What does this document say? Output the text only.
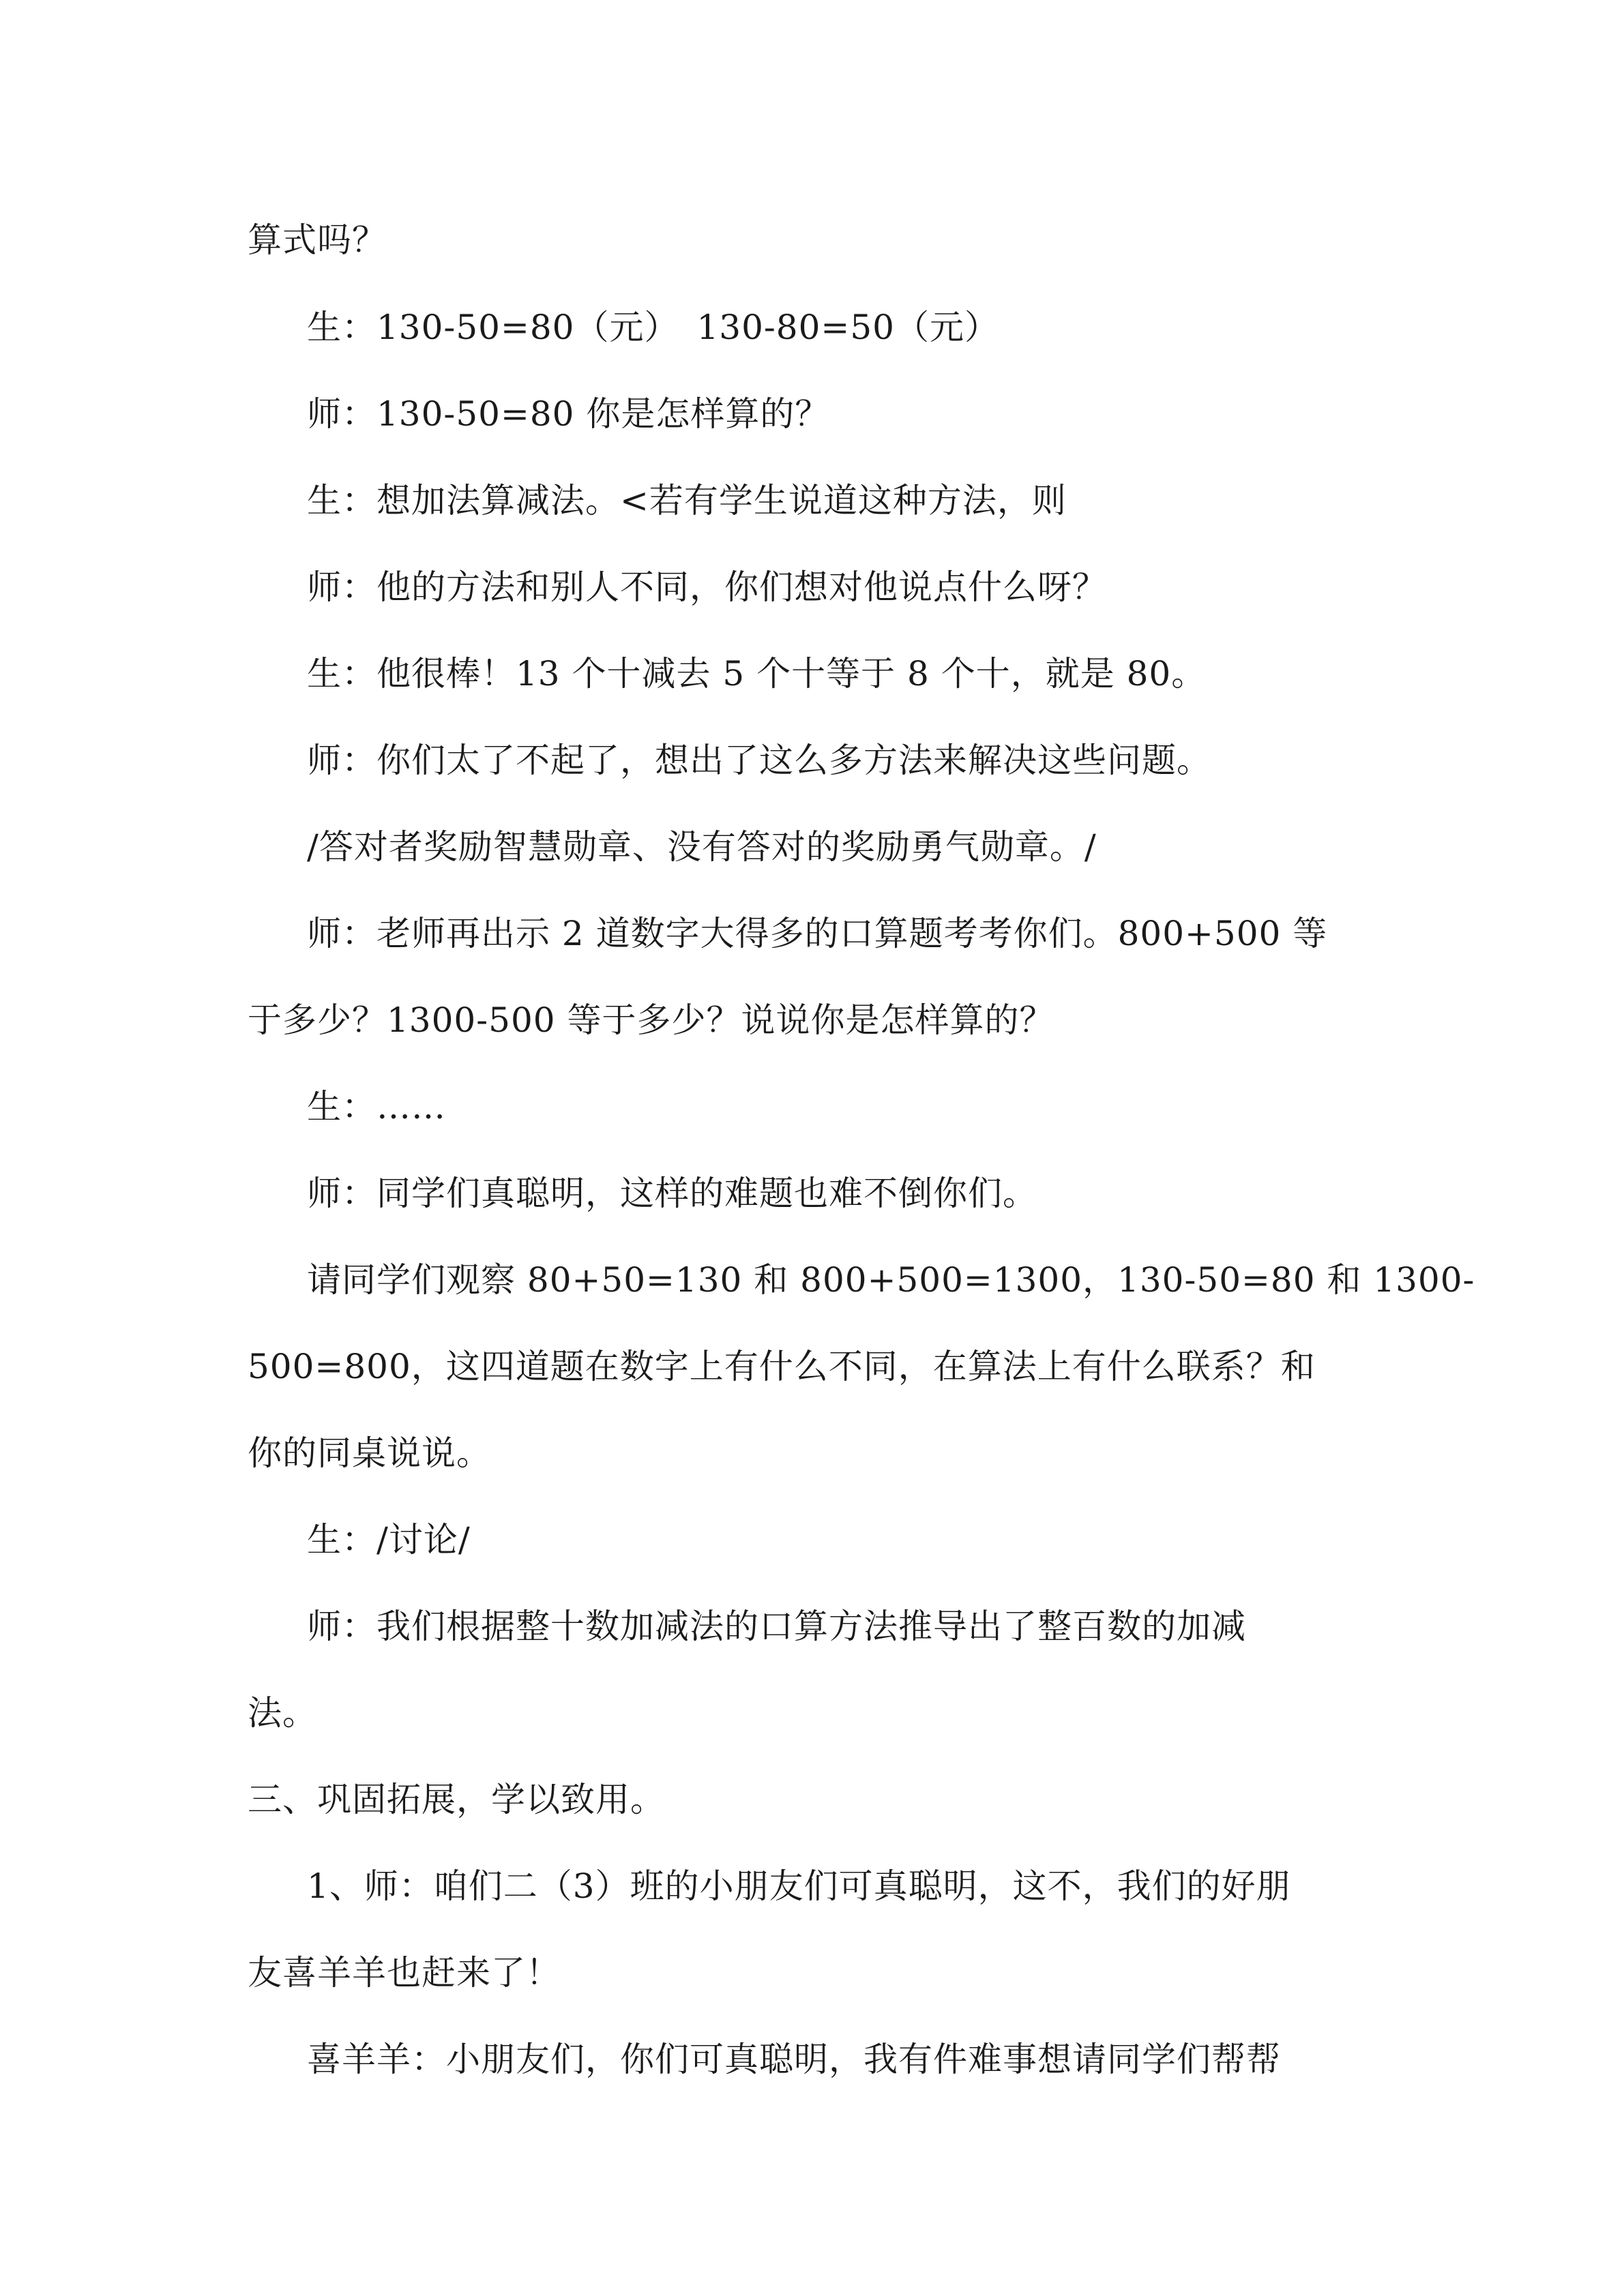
算式吗？
生：130-50=80（元）　130-80=50（元）
师：130-50=80 你是怎样算的？
生：想加法算减法。<若有学生说道这种方法，则
师：他的方法和别人不同，你们想对他说点什么呀？
生：他很棒！13 个十减去 5 个十等于 8 个十，就是 80。
师：你们太了不起了，想出了这么多方法来解决这些问题。
/答对者奖励智慧勋章、没有答对的奖励勇气勋章。/
师：老师再出示 2 道数字大得多的口算题考考你们。800+500 等
于多少？1300-500 等于多少？说说你是怎样算的？
生：……
师：同学们真聪明，这样的难题也难不倒你们。
请同学们观察 80+50=130 和 800+500=1300，130-50=80 和 1300-
500=800，这四道题在数字上有什么不同，在算法上有什么联系？和
你的同桌说说。
生：/讨论/
师：我们根据整十数加减法的口算方法推导出了整百数的加减
法。
三、巩固拓展，学以致用。
1、师：咱们二（3）班的小朋友们可真聪明，这不，我们的好朋
友喜羊羊也赶来了！
喜羊羊：小朋友们，你们可真聪明，我有件难事想请同学们帮帮
